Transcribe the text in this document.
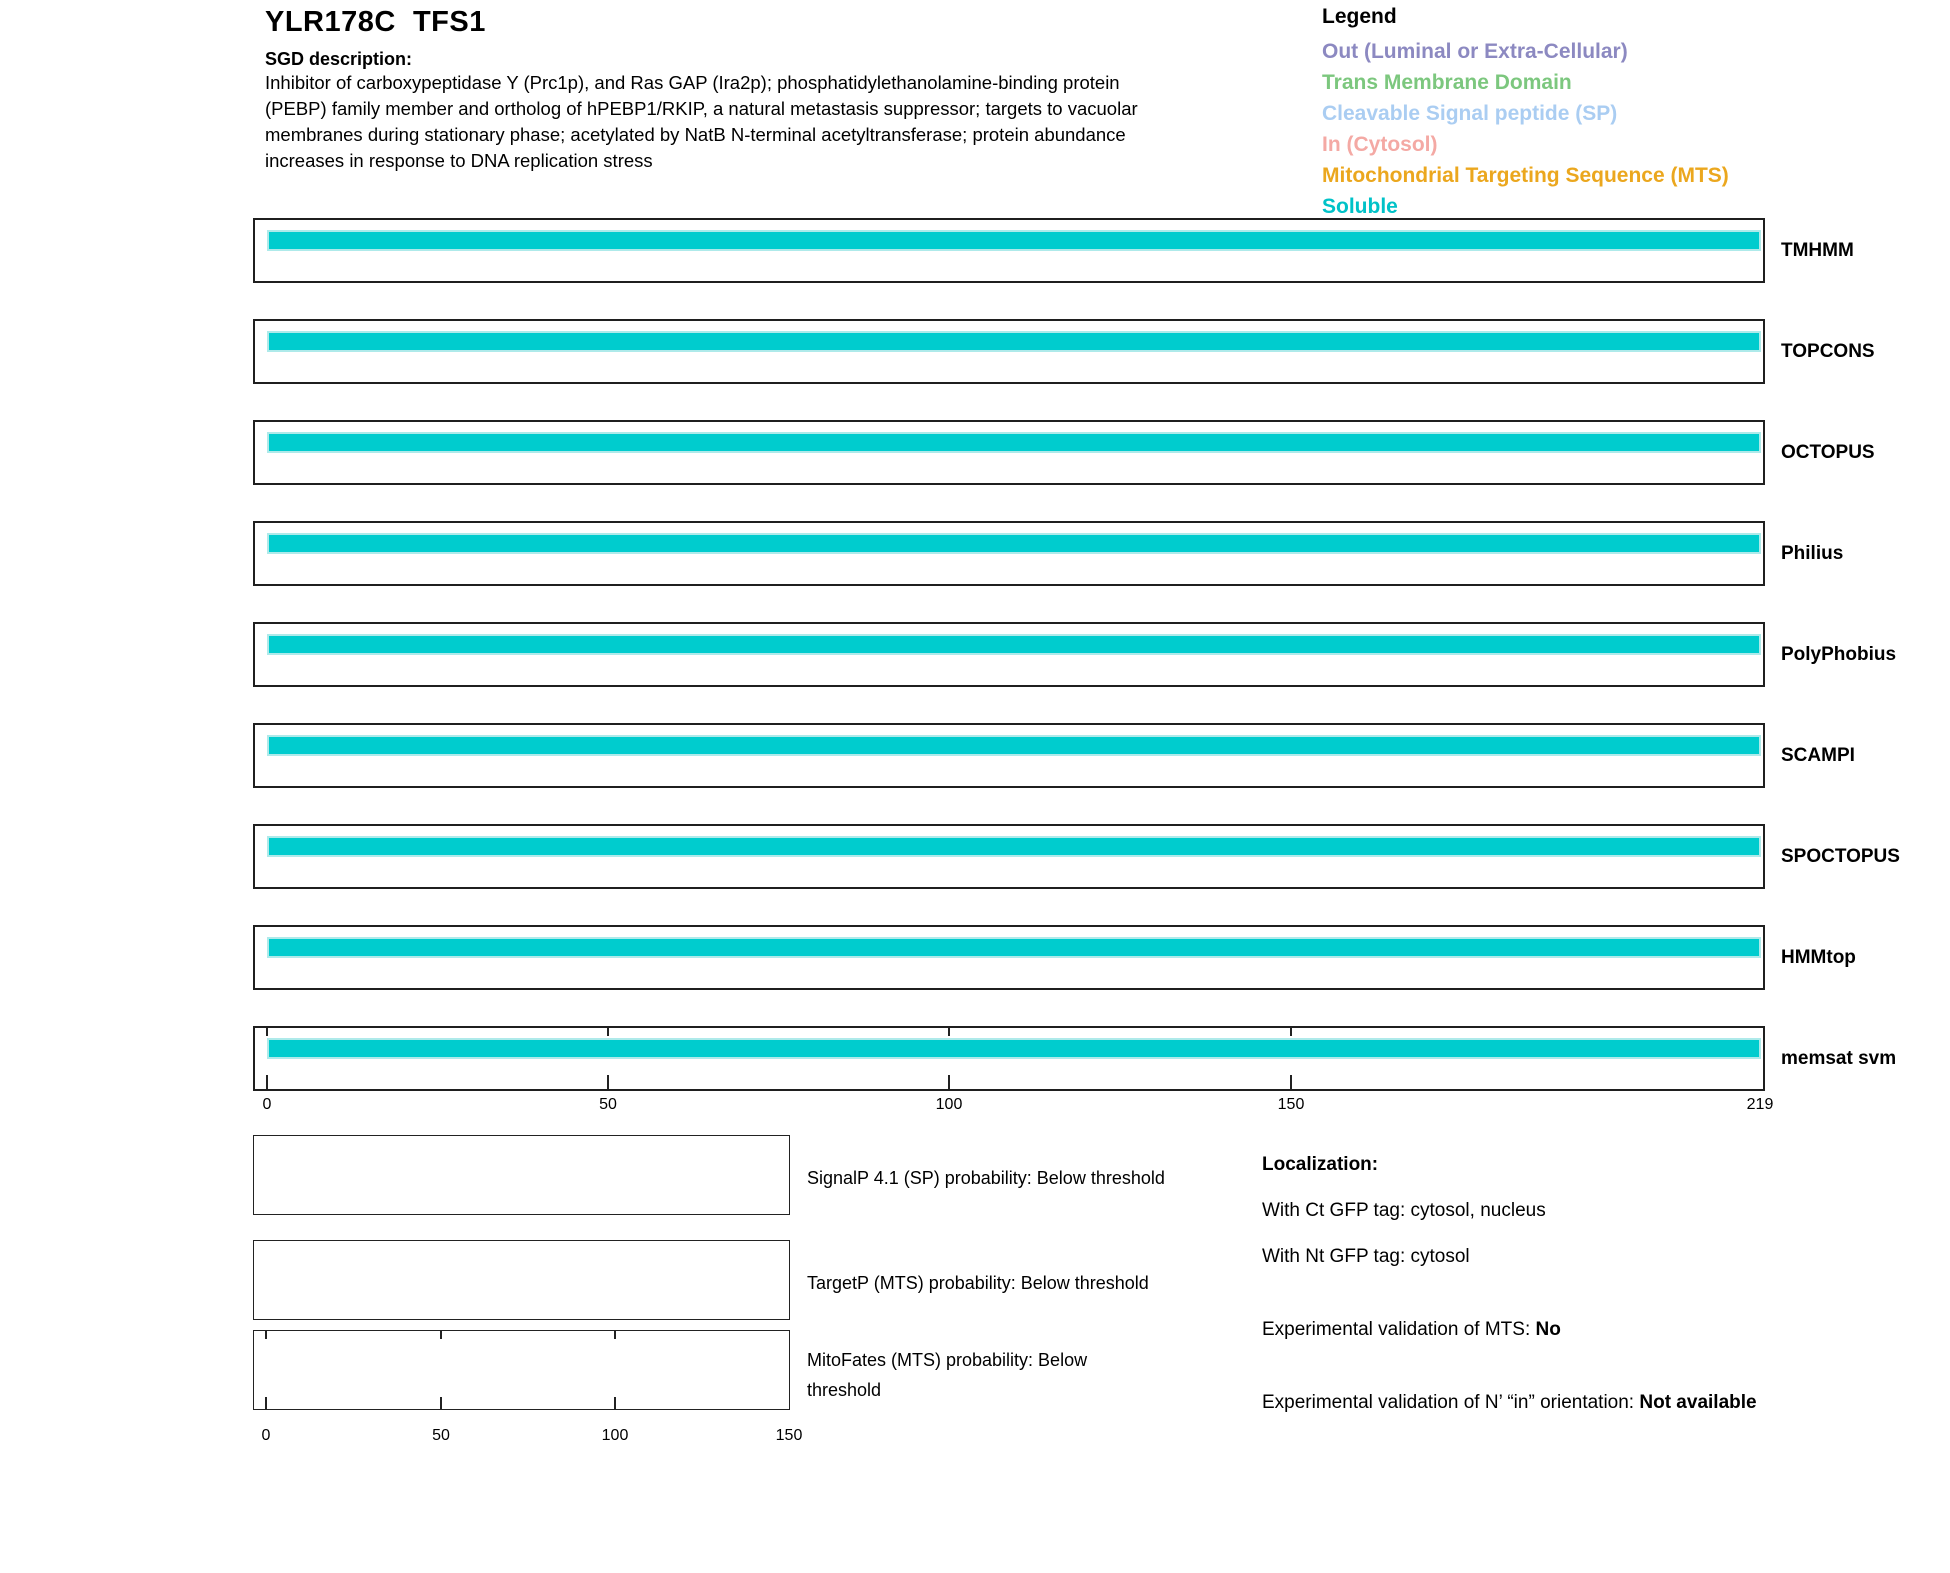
YLR178C  TFS1
SGD description:
Inhibitor of carboxypeptidase Y (Prc1p), and Ras GAP (Ira2p); phosphatidylethanolamine-binding protein
(PEBP) family member and ortholog of hPEBP1/RKIP, a natural metastasis suppressor; targets to vacuolar
membranes during stationary phase; acetylated by NatB N-terminal acetyltransferase; protein abundance
increases in response to DNA replication stress
Legend
Out (Luminal or Extra-Cellular)
Trans Membrane Domain
Cleavable Signal peptide (SP)
In (Cytosol)
Mitochondrial Targeting Sequence (MTS)
Soluble
TMHMM
TOPCONS
OCTOPUS
Philius
PolyPhobius
SCAMPI
SPOCTOPUS
HMMtop
memsat svm
0	50	100	150	219
SignalP 4.1 (SP) probability: Below threshold
TargetP (MTS) probability: Below threshold
MitoFates (MTS) probability: Below threshold
0	50	100	150
Localization:
With Ct GFP tag: cytosol, nucleus
With Nt GFP tag: cytosol
Experimental validation of MTS: No
Experimental validation of N’ “in” orientation: Not available
